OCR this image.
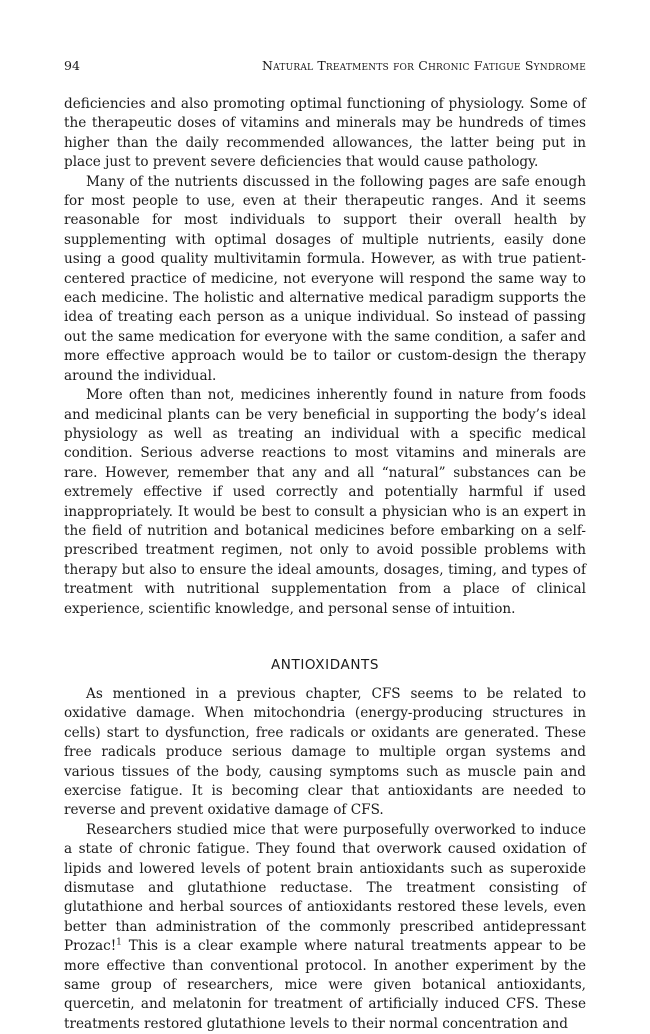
94	Natural Treatments for Chronic Fatigue Syndrome

deficiencies and also promoting optimal functioning of physiology. Some of the therapeutic doses of vitamins and minerals may be hundreds of times higher than the daily recommended allowances, the latter being put in place just to prevent severe deficiencies that would cause pathology.

Many of the nutrients discussed in the following pages are safe enough for most people to use, even at their therapeutic ranges. And it seems reasonable for most individuals to support their overall health by supplementing with optimal dosages of multiple nutrients, easily done using a good quality multivitamin formula. However, as with true patient-centered practice of medicine, not everyone will respond the same way to each medicine. The holistic and alternative medical paradigm supports the idea of treating each person as a unique individual. So instead of passing out the same medication for everyone with the same condition, a safer and more effective approach would be to tailor or custom-design the therapy around the individual.

More often than not, medicines inherently found in nature from foods and medicinal plants can be very beneficial in supporting the body’s ideal physiology as well as treating an individual with a specific medical condition. Serious adverse reactions to most vitamins and minerals are rare. However, remember that any and all “natural” substances can be extremely effective if used correctly and potentially harmful if used inappropriately. It would be best to consult a physician who is an expert in the field of nutrition and botanical medicines before embarking on a self-prescribed treatment regimen, not only to avoid possible problems with therapy but also to ensure the ideal amounts, dosages, timing, and types of treatment with nutritional supplementation from a place of clinical experience, scientific knowledge, and personal sense of intuition.

ANTIOXIDANTS

As mentioned in a previous chapter, CFS seems to be related to oxidative damage. When mitochondria (energy-producing structures in cells) start to dysfunction, free radicals or oxidants are generated. These free radicals produce serious damage to multiple organ systems and various tissues of the body, causing symptoms such as muscle pain and exercise fatigue. It is becoming clear that antioxidants are needed to reverse and prevent oxidative damage of CFS.

Researchers studied mice that were purposefully overworked to induce a state of chronic fatigue. They found that overwork caused oxidation of lipids and lowered levels of potent brain antioxidants such as superoxide dismutase and glutathione reductase. The treatment consisting of glutathione and herbal sources of antioxidants restored these levels, even better than administration of the commonly prescribed antidepressant Prozac!$^1$ This is a clear example where natural treatments appear to be more effective than conventional protocol. In another experiment by the same group of researchers, mice were given botanical antioxidants, quercetin, and melatonin for treatment of artificially induced CFS. These treatments restored glutathione levels to their normal concentration and
